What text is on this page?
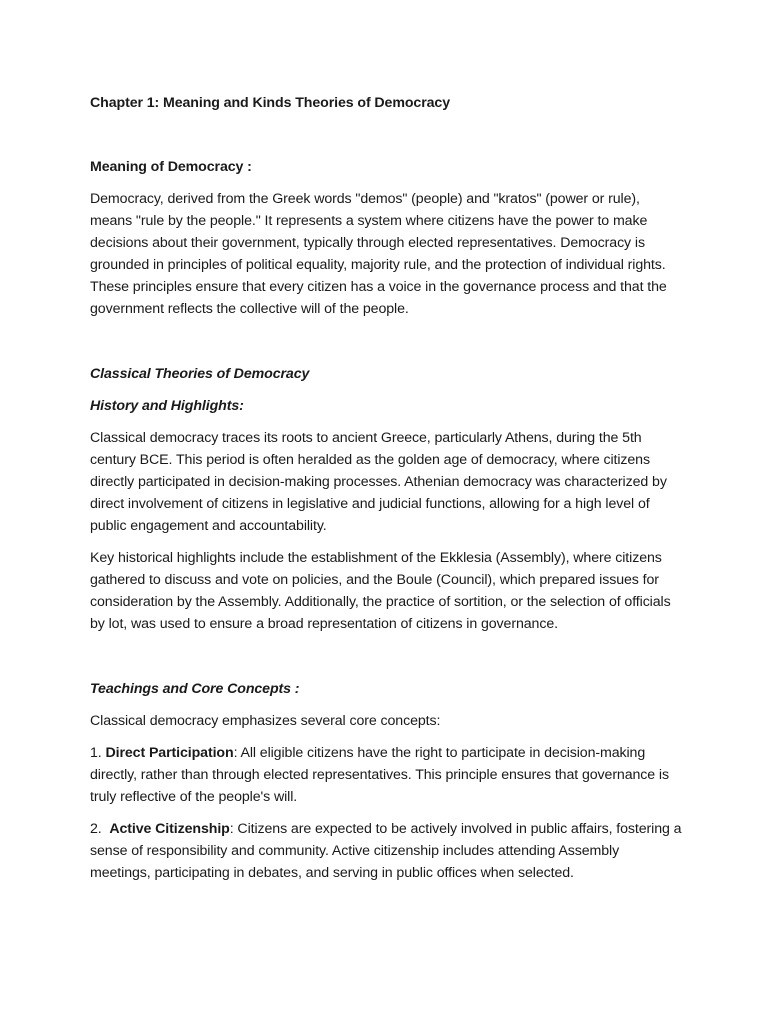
Chapter 1: Meaning and Kinds Theories of Democracy

Meaning of Democracy :

Democracy, derived from the Greek words "demos" (people) and "kratos" (power or rule), means "rule by the people." It represents a system where citizens have the power to make decisions about their government, typically through elected representatives. Democracy is grounded in principles of political equality, majority rule, and the protection of individual rights. These principles ensure that every citizen has a voice in the governance process and that the government reflects the collective will of the people.

Classical Theories of Democracy

History and Highlights:

Classical democracy traces its roots to ancient Greece, particularly Athens, during the 5th century BCE. This period is often heralded as the golden age of democracy, where citizens directly participated in decision-making processes. Athenian democracy was characterized by direct involvement of citizens in legislative and judicial functions, allowing for a high level of public engagement and accountability.

Key historical highlights include the establishment of the Ekklesia (Assembly), where citizens gathered to discuss and vote on policies, and the Boule (Council), which prepared issues for consideration by the Assembly. Additionally, the practice of sortition, or the selection of officials by lot, was used to ensure a broad representation of citizens in governance.

Teachings and Core Concepts :

Classical democracy emphasizes several core concepts:

1. Direct Participation: All eligible citizens have the right to participate in decision-making directly, rather than through elected representatives. This principle ensures that governance is truly reflective of the people's will.

2.  Active Citizenship: Citizens are expected to be actively involved in public affairs, fostering a sense of responsibility and community. Active citizenship includes attending Assembly meetings, participating in debates, and serving in public offices when selected.
